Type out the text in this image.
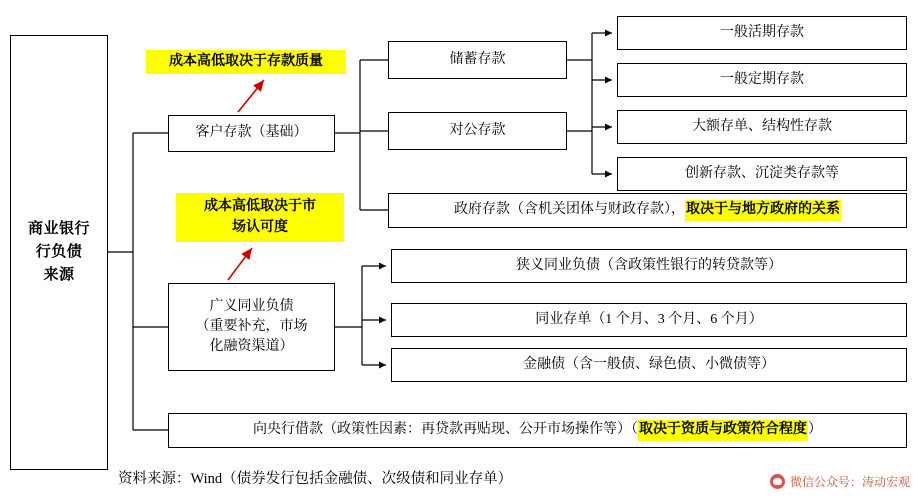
商业银行
行负债
来源
客户存款（基础）
广义同业负债
（重要补充，市场
化融资渠道）
储蓄存款
对公存款
一般活期存款
一般定期存款
大额存单、结构性存款
创新存款、沉淀类存款等
政府存款（含机关团体与财政存款）， 取决于与地方政府的关系
狭义同业负债（含政策性银行的转贷款等）
同业存单（1 个月、3 个月、6 个月）
金融债（含一般债、绿色债、小微债等）
向央行借款（政策性因素：再贷款再贴现、公开市场操作等）（ 取决于资质与政策符合程度 ）
成本高低取决于存款质量
成本高低取决于市
场认可度
资料来源：Wind（债券发行包括金融债、次级债和同业存单）	微信公众号：涛动宏观
